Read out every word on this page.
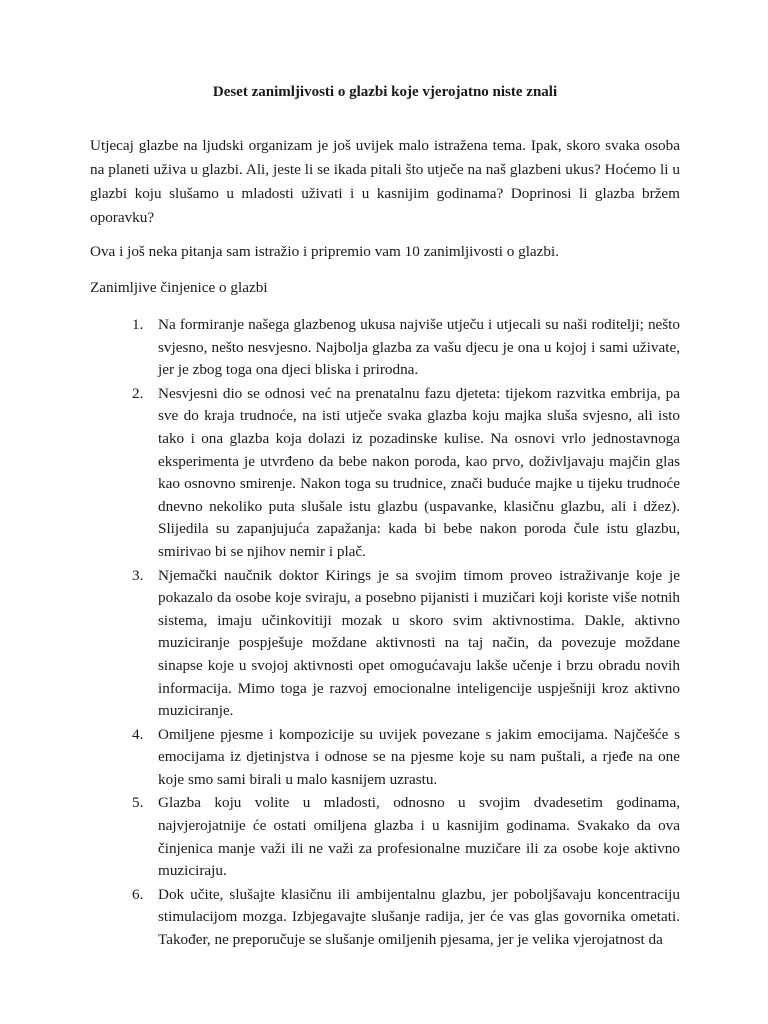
Deset zanimljivosti o glazbi koje vjerojatno niste znali

Utjecaj glazbe na ljudski organizam je još uvijek malo istražena tema. Ipak, skoro svaka osoba na planeti uživa u glazbi. Ali, jeste li se ikada pitali što utječe na naš glazbeni ukus? Hoćemo li u glazbi koju slušamo u mladosti uživati i u kasnijim godinama? Doprinosi li glazba bržem oporavku?

Ova i još neka pitanja sam istražio i pripremio vam 10 zanimljivosti o glazbi.

Zanimljive činjenice o glazbi
1. Na formiranje našega glazbenog ukusa najviše utječu i utjecali su naši roditelji; nešto svjesno, nešto nesvjesno. Najbolja glazba za vašu djecu je ona u kojoj i sami uživate, jer je zbog toga ona djeci bliska i prirodna.
2. Nesvjesni dio se odnosi već na prenatalnu fazu djeteta: tijekom razvitka embrija, pa sve do kraja trudnoće, na isti utječe svaka glazba koju majka sluša svjesno, ali isto tako i ona glazba koja dolazi iz pozadinske kulise. Na osnovi vrlo jednostavnoga eksperimenta je utvrđeno da bebe nakon poroda, kao prvo, doživljavaju majčin glas kao osnovno smirenje. Nakon toga su trudnice, znači buduće majke u tijeku trudnoće dnevno nekoliko puta slušale istu glazbu (uspavanke, klasičnu glazbu, ali i džez). Slijedila su zapanjujuća zapažanja: kada bi bebe nakon poroda čule istu glazbu, smirivao bi se njihov nemir i plač.
3. Njemački naučnik doktor Kirings je sa svojim timom proveo istraživanje koje je pokazalo da osobe koje sviraju, a posebno pijanisti i muzičari koji koriste više notnih sistema, imaju učinkovitiji mozak u skoro svim aktivnostima. Dakle, aktivno muziciranje pospješuje moždane aktivnosti na taj način, da povezuje moždane sinapse koje u svojoj aktivnosti opet omogućavaju lakše učenje i brzu obradu novih informacija. Mimo toga je razvoj emocionalne inteligencije uspješniji kroz aktivno muziciranje.
4. Omiljene pjesme i kompozicije su uvijek povezane s jakim emocijama. Najčešće s emocijama iz djetinjstva i odnose se na pjesme koje su nam puštali, a rjeđe na one koje smo sami birali u malo kasnijem uzrastu.
5. Glazba koju volite u mladosti, odnosno u svojim dvadesetim godinama, najvjerojatnije će ostati omiljena glazba i u kasnijim godinama. Svakako da ova činjenica manje važi ili ne važi za profesionalne muzičare ili za osobe koje aktivno muziciraju.
6. Dok učite, slušajte klasičnu ili ambijentalnu glazbu, jer poboljšavaju koncentraciju stimulacijom mozga. Izbjegavajte slušanje radija, jer će vas glas govornika ometati. Također, ne preporučuje se slušanje omiljenih pjesama, jer je velika vjerojatnost da
